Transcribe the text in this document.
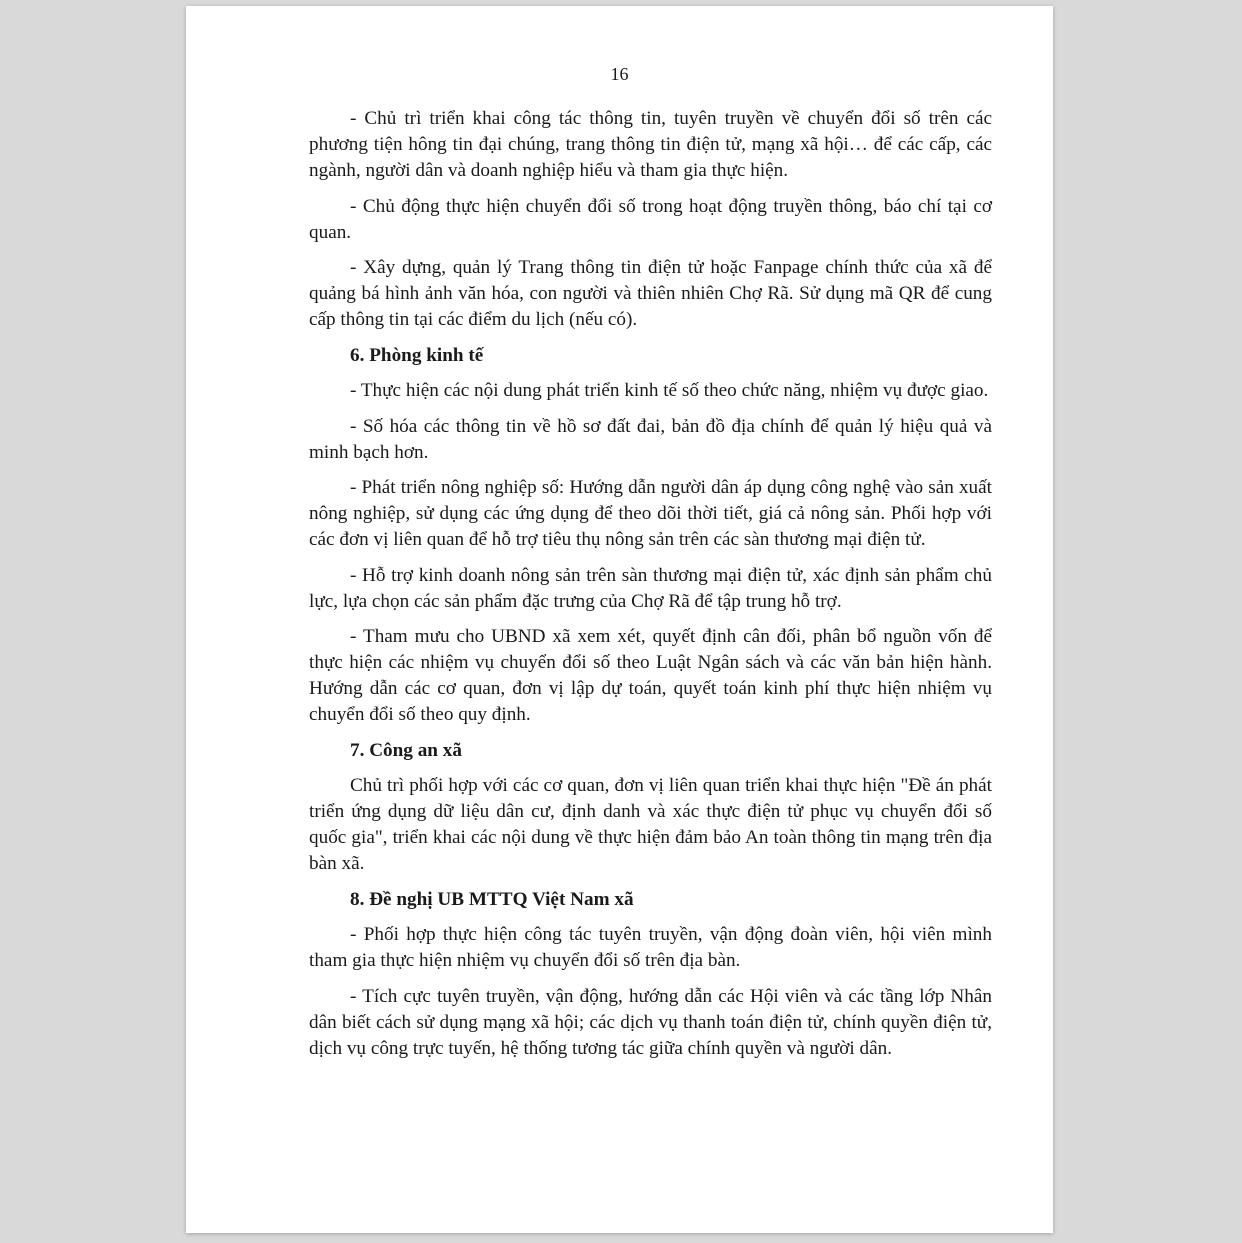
16

- Chủ trì triển khai công tác thông tin, tuyên truyền về chuyển đổi số trên các phương tiện hông tin đại chúng, trang thông tin điện tử, mạng xã hội… để các cấp, các ngành, người dân và doanh nghiệp hiểu và tham gia thực hiện.

- Chủ động thực hiện chuyển đổi số trong hoạt động truyền thông, báo chí tại cơ quan.

- Xây dựng, quản lý Trang thông tin điện tử hoặc Fanpage chính thức của xã để quảng bá hình ảnh văn hóa, con người và thiên nhiên Chợ Rã. Sử dụng mã QR để cung cấp thông tin tại các điểm du lịch (nếu có).

6. Phòng kinh tế

- Thực hiện các nội dung phát triển kinh tế số theo chức năng, nhiệm vụ được giao.

- Số hóa các thông tin về hồ sơ đất đai, bản đồ địa chính để quản lý hiệu quả và minh bạch hơn.

- Phát triển nông nghiệp số: Hướng dẫn người dân áp dụng công nghệ vào sản xuất nông nghiệp, sử dụng các ứng dụng để theo dõi thời tiết, giá cả nông sản. Phối hợp với các đơn vị liên quan để hỗ trợ tiêu thụ nông sản trên các sàn thương mại điện tử.

- Hỗ trợ kinh doanh nông sản trên sàn thương mại điện tử, xác định sản phẩm chủ lực, lựa chọn các sản phẩm đặc trưng của Chợ Rã để tập trung hỗ trợ.

- Tham mưu cho UBND xã xem xét, quyết định cân đối, phân bổ nguồn vốn để thực hiện các nhiệm vụ chuyển đổi số theo Luật Ngân sách và các văn bản hiện hành. Hướng dẫn các cơ quan, đơn vị lập dự toán, quyết toán kinh phí thực hiện nhiệm vụ chuyển đổi số theo quy định.

7. Công an xã

Chủ trì phối hợp với các cơ quan, đơn vị liên quan triển khai thực hiện "Đề án phát triển ứng dụng dữ liệu dân cư, định danh và xác thực điện tử phục vụ chuyển đổi số quốc gia", triển khai các nội dung về thực hiện đảm bảo An toàn thông tin mạng trên địa bàn xã.

8. Đề nghị UB MTTQ Việt Nam xã

- Phối hợp thực hiện công tác tuyên truyền, vận động đoàn viên, hội viên mình tham gia thực hiện nhiệm vụ chuyển đổi số trên địa bàn.

- Tích cực tuyên truyền, vận động, hướng dẫn các Hội viên và các tầng lớp Nhân dân biết cách sử dụng mạng xã hội; các dịch vụ thanh toán điện tử, chính quyền điện tử, dịch vụ công trực tuyến, hệ thống tương tác giữa chính quyền và người dân.
